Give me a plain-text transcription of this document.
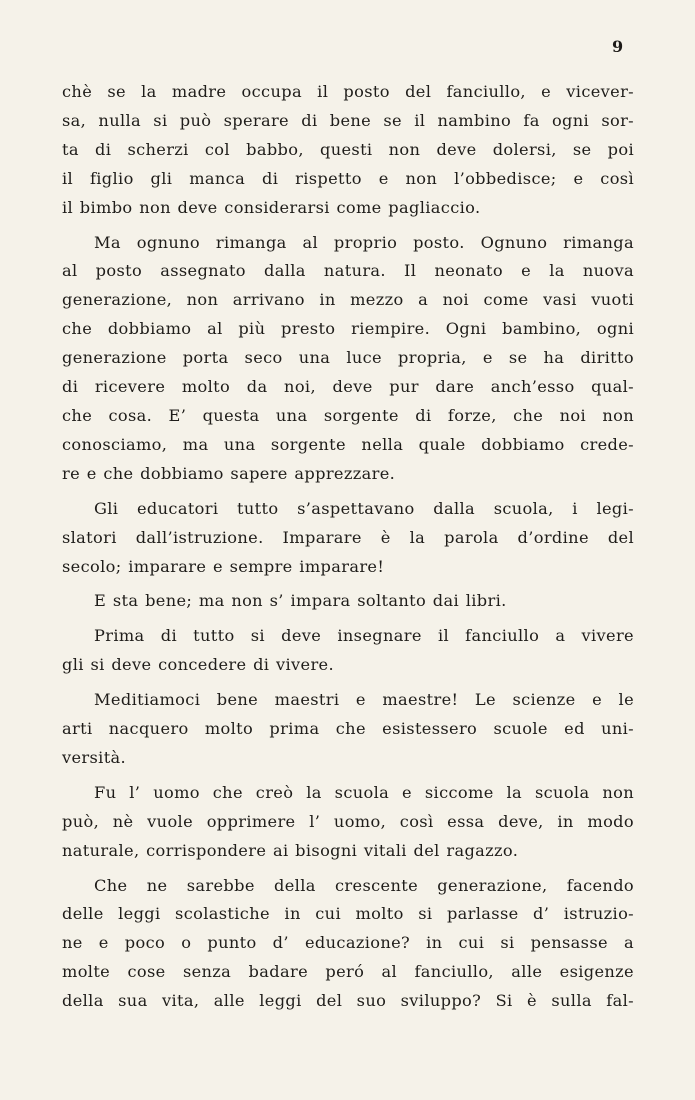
9

chè se la madre occupa il posto del fanciullo, e vicever-
sa, nulla si può sperare di bene se il nambino fa ogni sor-
ta di scherzi col babbo, questi non deve dolersi, se poi
il figlio gli manca di rispetto e non l’obbedisce; e così
il bimbo non deve considerarsi come pagliaccio.

Ma ognuno rimanga al proprio posto. Ognuno rimanga
al posto assegnato dalla natura. Il neonato e la nuova
generazione, non arrivano in mezzo a noi come vasi vuoti
che dobbiamo al più presto riempire. Ogni bambino, ogni
generazione porta seco una luce propria, e se ha diritto
di ricevere molto da noi, deve pur dare anch’esso qual-
che cosa. E’ questa una sorgente di forze, che noi non
conosciamo, ma una sorgente nella quale dobbiamo crede-
re e che dobbiamo sapere apprezzare.

Gli educatori tutto s’aspettavano dalla scuola, i legi-
slatori dall’istruzione. Imparare è la parola d’ordine del
secolo; imparare e sempre imparare!

E sta bene; ma non s’ impara soltanto dai libri.

Prima di tutto si deve insegnare il fanciullo a vivere
gli si deve concedere di vivere.

Meditiamoci bene maestri e maestre! Le scienze e le
arti nacquero molto prima che esistessero scuole ed uni-
versità.

Fu l’ uomo che creò la scuola e siccome la scuola non
può, nè vuole opprimere l’ uomo, così essa deve, in modo
naturale, corrispondere ai bisogni vitali del ragazzo.

Che ne sarebbe della crescente generazione, facendo
delle leggi scolastiche in cui molto si parlasse d’ istruzio-
ne e poco o punto d’ educazione? in cui si pensasse a
molte cose senza badare peró al fanciullo, alle esigenze
della sua vita, alle leggi del suo sviluppo? Si è sulla fal-
